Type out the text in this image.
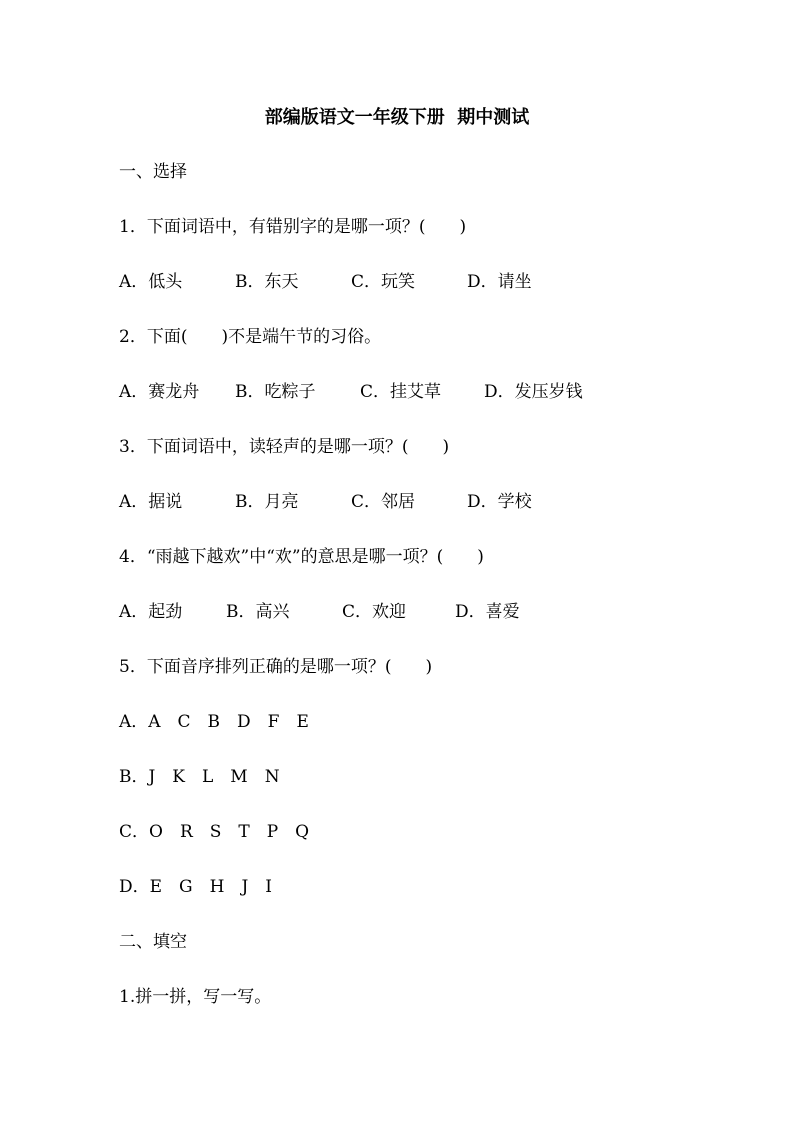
部编版语文一年级下册  期中测试
一、选择
1．下面词语中，有错别字的是哪一项？(　　)
A．低头	B．东天	C．玩笑	D．请坐
2．下面(　　)不是端午节的习俗。
A．赛龙舟 B．吃粽子	C．挂艾草	D．发压岁钱
3．下面词语中，读轻声的是哪一项？(　　)
A．据说	B．月亮	C．邻居	D．学校
4．“雨越下越欢”中“欢”的意思是哪一项？(　　)
A．起劲	B．高兴	C．欢迎	D．喜爱
5．下面音序排列正确的是哪一项？(　　)
A．A　C　B　D　F　E
B．J　K　L　M　N
C．O　R　S　T　P　Q
D．E　G　H　J　I
二、填空
1.拼一拼，写一写。
